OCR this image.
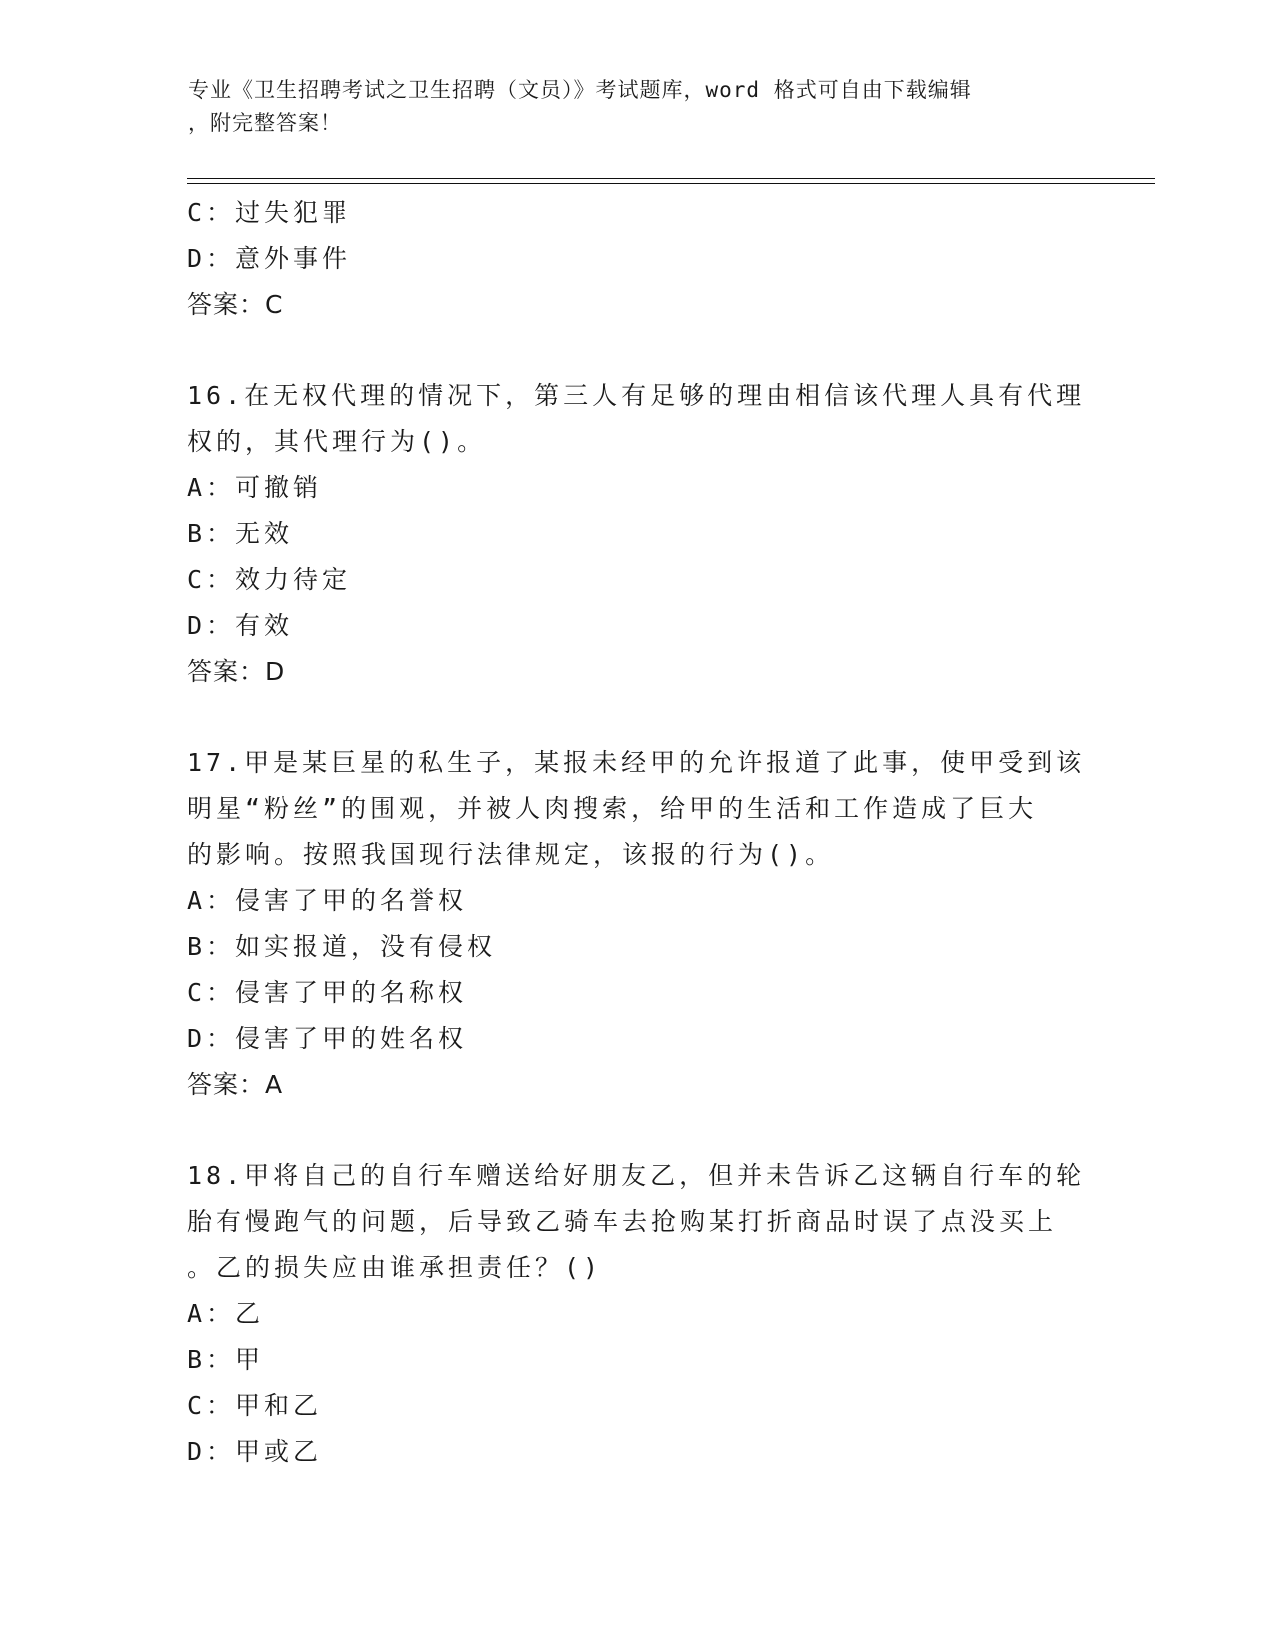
专业《卫生招聘考试之卫生招聘（文员）》考试题库，word 格式可自由下载编辑
，附完整答案！
C：过失犯罪
D：意外事件
答案：C
16.在无权代理的情况下，第三人有足够的理由相信该代理人具有代理
权的，其代理行为()。
A：可撤销
B：无效
C：效力待定
D：有效
答案：D
17.甲是某巨星的私生子，某报未经甲的允许报道了此事，使甲受到该
明星“粉丝”的围观，并被人肉搜索，给甲的生活和工作造成了巨大
的影响。按照我国现行法律规定，该报的行为()。
A：侵害了甲的名誉权
B：如实报道，没有侵权
C：侵害了甲的名称权
D：侵害了甲的姓名权
答案：A
18.甲将自己的自行车赠送给好朋友乙，但并未告诉乙这辆自行车的轮
胎有慢跑气的问题，后导致乙骑车去抢购某打折商品时误了点没买上
。乙的损失应由谁承担责任？()
A：乙
B：甲
C：甲和乙
D：甲或乙
